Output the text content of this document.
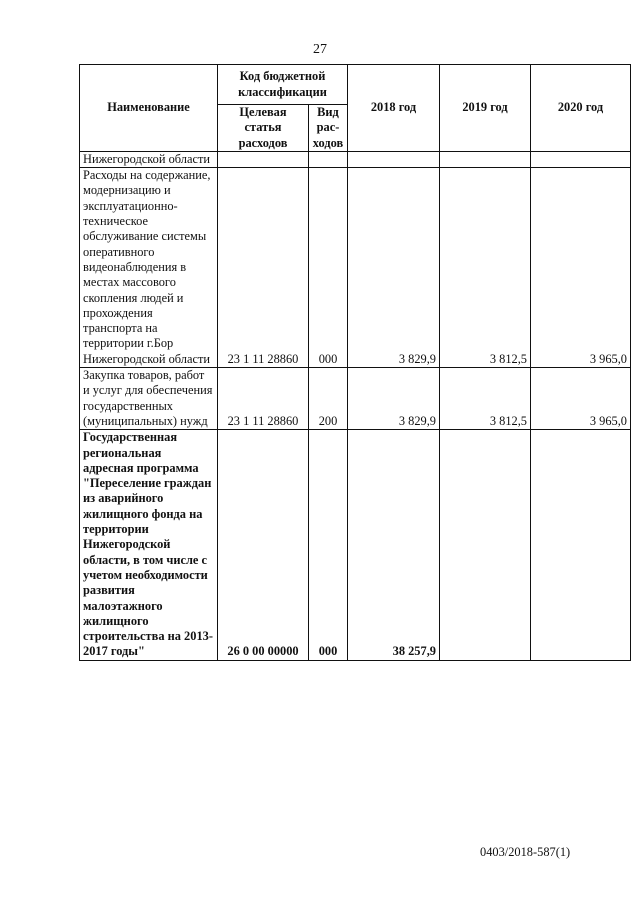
27
Наименование	Код бюджетной классификации		2018 год	2019 год	2020 год
	Целевая статья расходов	Вид рас-ходов			
Нижегородской области					
Расходы на содержание, модернизацию и эксплуатационно-техническое обслуживание системы оперативного видеонаблюдения в местах массового скопления людей и прохождения транспорта на территории г.Бор Нижегородской области	23 1 11 28860	000	3 829,9	3 812,5	3 965,0
Закупка товаров, работ и услуг для обеспечения государственных (муниципальных) нужд	23 1 11 28860	200	3 829,9	3 812,5	3 965,0
Государственная региональная адресная программа "Переселение граждан из аварийного жилищного фонда на территории Нижегородской области, в том числе с учетом необходимости развития малоэтажного жилищного строительства на 2013-2017 годы"	26 0 00 00000	000	38 257,9		
0403/2018-587(1)
